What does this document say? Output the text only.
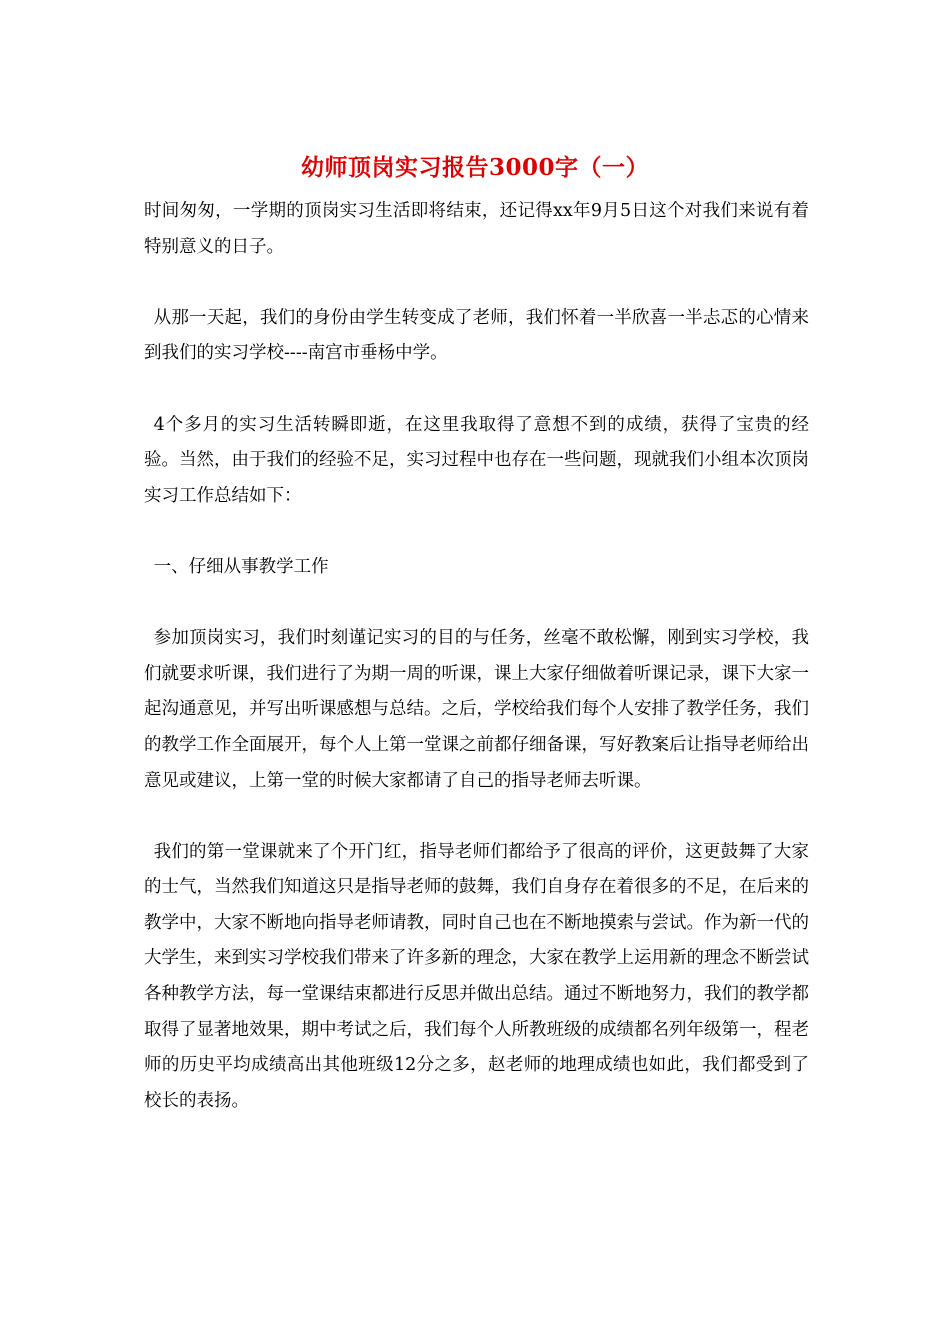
幼师顶岗实习报告3000字（一）

时间匆匆，一学期的顶岗实习生活即将结束，还记得xx年9月5日这个对我们来说有着特别意义的日子。

从那一天起，我们的身份由学生转变成了老师，我们怀着一半欣喜一半忐忑的心情来到我们的实习学校----南宫市垂杨中学。

4个多月的实习生活转瞬即逝，在这里我取得了意想不到的成绩，获得了宝贵的经验。当然，由于我们的经验不足，实习过程中也存在一些问题，现就我们小组本次顶岗实习工作总结如下：

一、仔细从事教学工作

参加顶岗实习，我们时刻谨记实习的目的与任务，丝毫不敢松懈，刚到实习学校，我们就要求听课，我们进行了为期一周的听课，课上大家仔细做着听课记录，课下大家一起沟通意见，并写出听课感想与总结。之后，学校给我们每个人安排了教学任务，我们的教学工作全面展开，每个人上第一堂课之前都仔细备课，写好教案后让指导老师给出意见或建议，上第一堂的时候大家都请了自己的指导老师去听课。

我们的第一堂课就来了个开门红，指导老师们都给予了很高的评价，这更鼓舞了大家的士气，当然我们知道这只是指导老师的鼓舞，我们自身存在着很多的不足，在后来的教学中，大家不断地向指导老师请教，同时自己也在不断地摸索与尝试。作为新一代的大学生，来到实习学校我们带来了许多新的理念，大家在教学上运用新的理念不断尝试各种教学方法，每一堂课结束都进行反思并做出总结。通过不断地努力，我们的教学都取得了显著地效果，期中考试之后，我们每个人所教班级的成绩都名列年级第一，程老师的历史平均成绩高出其他班级12分之多，赵老师的地理成绩也如此，我们都受到了校长的表扬。
